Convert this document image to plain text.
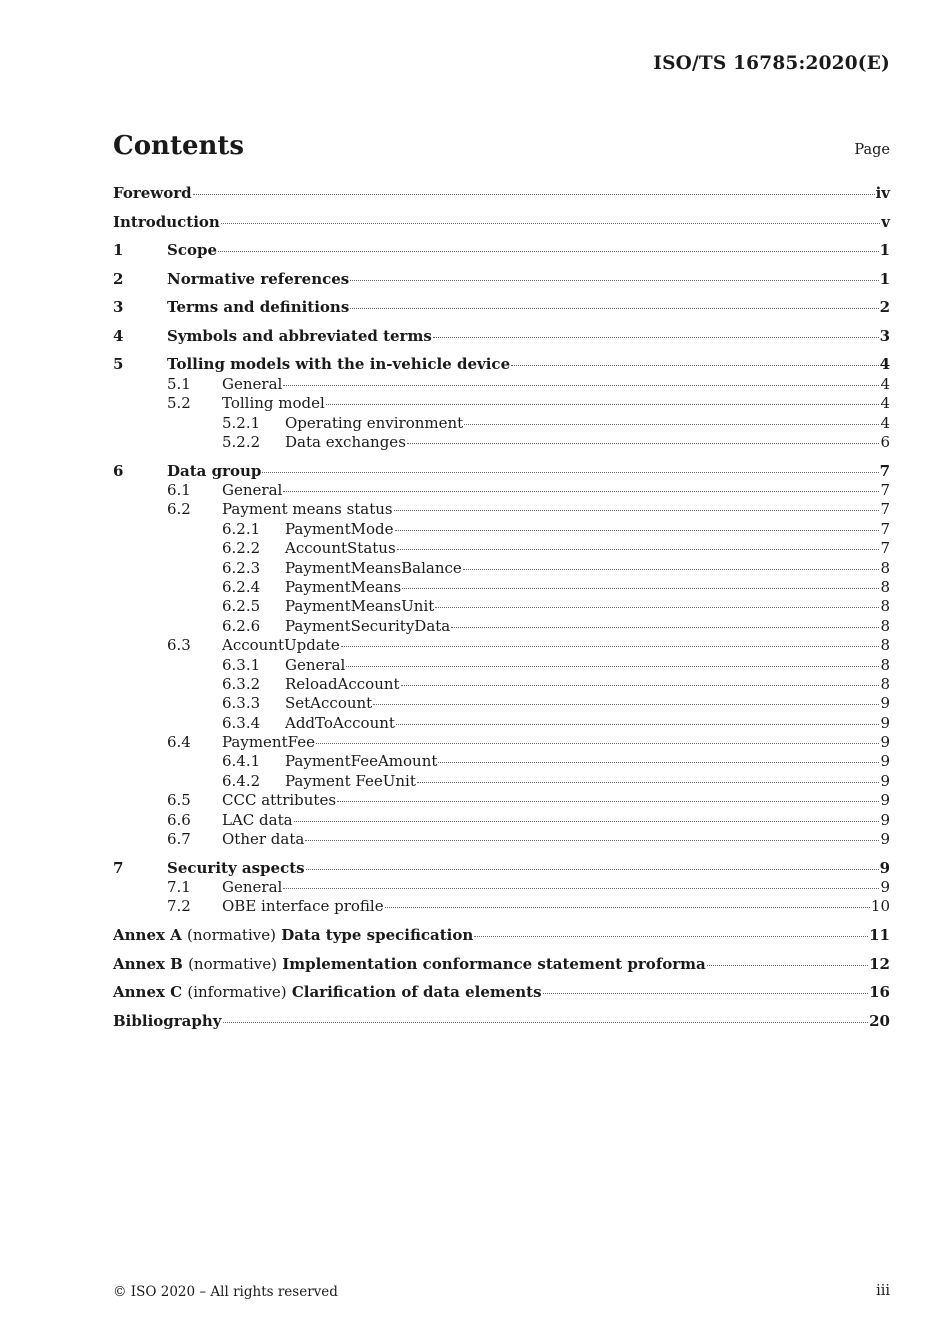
ISO/TS 16785:2020(E)
Contents	Page
Foreword	iv
Introduction	v
1	Scope	1
2	Normative references	1
3	Terms and definitions	2
4	Symbols and abbreviated terms	3
5	Tolling models with the in-vehicle device	4
5.1	General	4
5.2	Tolling model	4
5.2.1	Operating environment	4
5.2.2	Data exchanges	6
6	Data group	7
6.1	General	7
6.2	Payment means status	7
6.2.1	PaymentMode	7
6.2.2	AccountStatus	7
6.2.3	PaymentMeansBalance	8
6.2.4	PaymentMeans	8
6.2.5	PaymentMeansUnit	8
6.2.6	PaymentSecurityData	8
6.3	AccountUpdate	8
6.3.1	General	8
6.3.2	ReloadAccount	8
6.3.3	SetAccount	9
6.3.4	AddToAccount	9
6.4	PaymentFee	9
6.4.1	PaymentFeeAmount	9
6.4.2	Payment FeeUnit	9
6.5	CCC attributes	9
6.6	LAC data	9
6.7	Other data	9
7	Security aspects	9
7.1	General	9
7.2	OBE interface profile	10
Annex A (normative) Data type specification	11
Annex B (normative) Implementation conformance statement proforma	12
Annex C (informative) Clarification of data elements	16
Bibliography	20
© ISO 2020 – All rights reserved	iii
